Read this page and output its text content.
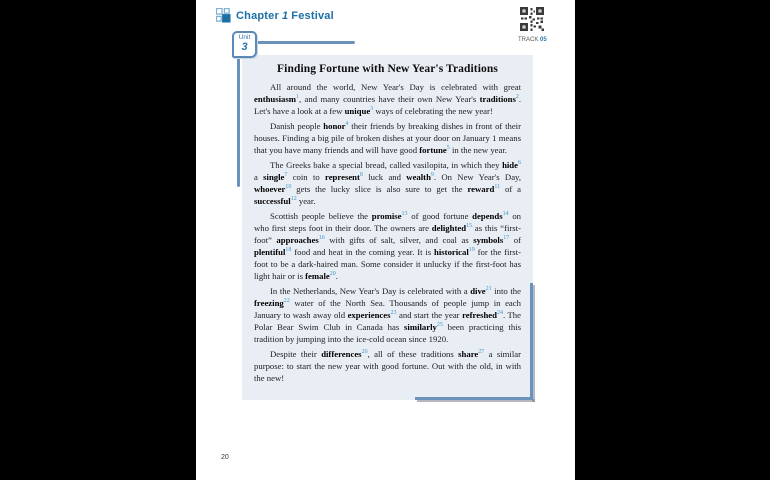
Chapter 1 Festival
TRACK 05
Unit
3
Finding Fortune with New Year's Traditions

All around the world, New Year's Day is celebrated with great enthusiasm$^1$, and many countries have their own New Year's traditions$^2$. Let's have a look at a few unique$^3$ ways of celebrating the new year!

Danish people honor$^4$ their friends by breaking dishes in front of their houses. Finding a big pile of broken dishes at your door on January 1 means that you have many friends and will have good fortune$^5$ in the new year.

The Greeks bake a special bread, called vasilopita, in which they hide$^6$ a single$^7$ coin to represent$^8$ luck and wealth$^9$. On New Year's Day, whoever$^{10}$ gets the lucky slice is also sure to get the reward$^{11}$ of a successful$^{12}$ year.

Scottish people believe the promise$^{13}$ of good fortune depends$^{14}$ on who first steps foot in their door. The owners are delighted$^{15}$ as this “first-foot” approaches$^{16}$ with gifts of salt, silver, and coal as symbols$^{17}$ of plentiful$^{18}$ food and heat in the coming year. It is historical$^{19}$ for the first-foot to be a dark-haired man. Some consider it unlucky if the first-foot has light hair or is female$^{20}$.

In the Netherlands, New Year's Day is celebrated with a dive$^{21}$ into the freezing$^{22}$ water of the North Sea. Thousands of people jump in each January to wash away old experiences$^{23}$ and start the year refreshed$^{24}$. The Polar Bear Swim Club in Canada has similarly$^{25}$ been practicing this tradition by jumping into the ice-cold ocean since 1920.

Despite their differences$^{26}$, all of these traditions share$^{27}$ a similar purpose: to start the new year with good fortune. Out with the old, in with the new!

20
